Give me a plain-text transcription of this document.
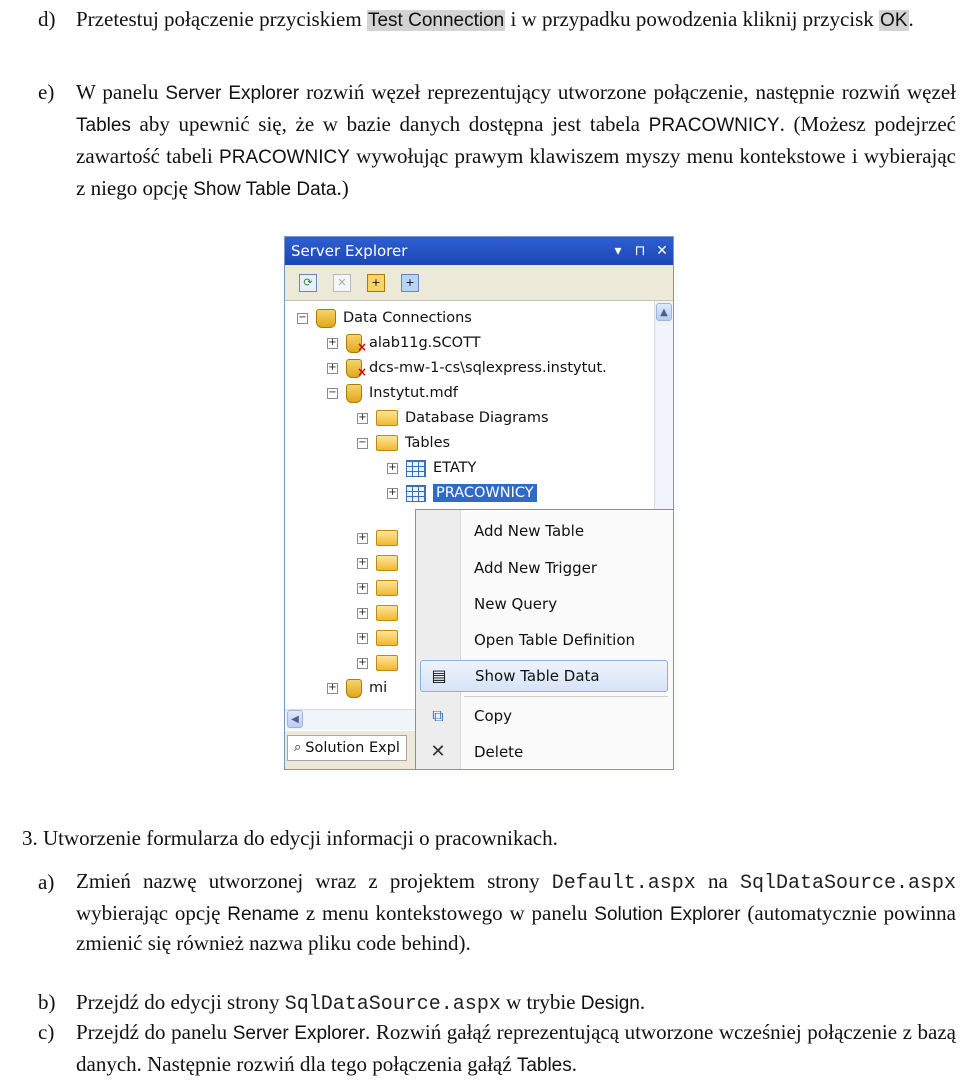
d) Przetestuj połączenie przyciskiem Test Connection i w przypadku powodzenia kliknij przycisk OK.
e) W panelu Server Explorer rozwiń węzeł reprezentujący utworzone połączenie, następnie rozwiń węzeł Tables aby upewnić się, że w bazie danych dostępna jest tabela PRACOWNICY. (Możesz podejrzeć zawartość tabeli PRACOWNICY wywołując prawym klawiszem myszy menu kontekstowe i wybierając z niego opcję Show Table Data.)
Server Explorer	▾ ⊓ ✕
⟳	✕	+	+
−	Data Connections
+ × alab11g.SCOTT
+ × dcs-mw-1-cs\sqlexpress.instytut.
− Instytut.mdf
+	Database Diagrams
−	Tables
+	ETATY
+	PRACOWNICY
+
+
+
+
+
+
+ mi
▲
◀
⌕ Solution Expl
Add New Table
Add New Trigger
New Query
Open Table Definition
▤ Show Table Data
⧉ Copy
✕ Delete
3. Utworzenie formularza do edycji informacji o pracownikach.
a) Zmień nazwę utworzonej wraz z projektem strony Default.aspx na SqlDataSource.aspx wybierając opcję Rename z menu kontekstowego w panelu Solution Explorer (automatycznie powinna zmienić się również nazwa pliku code behind).
b) Przejdź do edycji strony SqlDataSource.aspx w trybie Design.
c) Przejdź do panelu Server Explorer. Rozwiń gałąź reprezentującą utworzone wcześniej połączenie z bazą danych. Następnie rozwiń dla tego połączenia gałąź Tables.
